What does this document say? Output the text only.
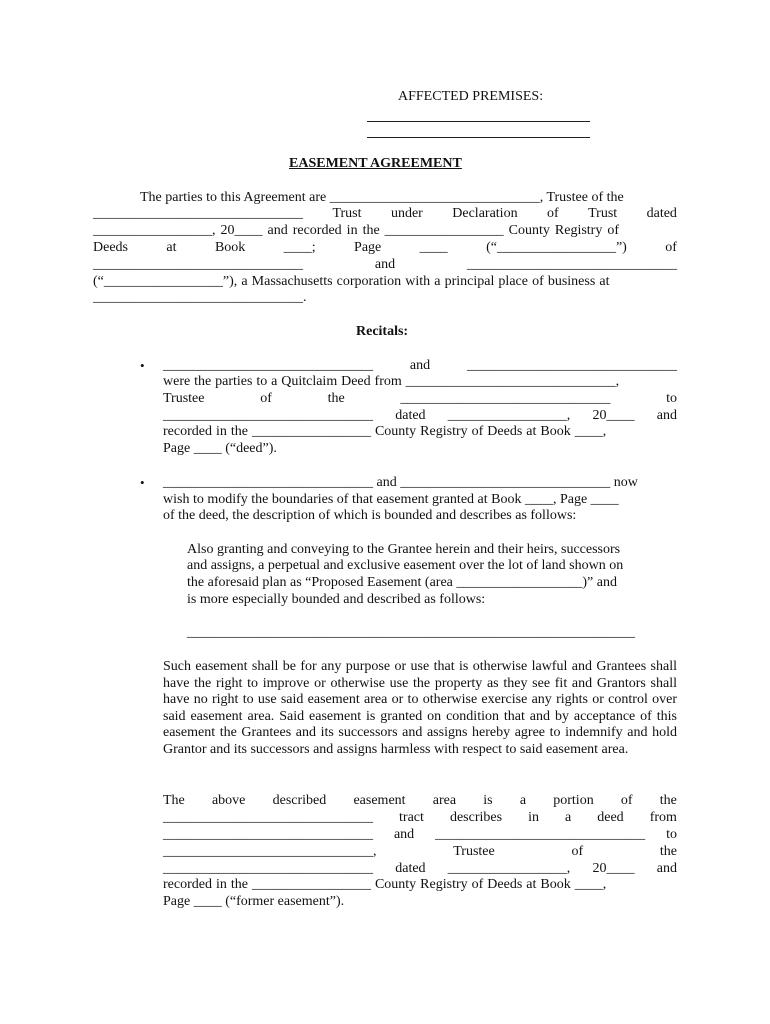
AFFECTED PREMISES:
EASEMENT AGREEMENT
The parties to this Agreement are ______________________________, Trustee of the
______________________________ Trust under Declaration of Trust dated
_________________, 20____ and recorded in the _________________ County Registry of
Deeds	at	Book	____;	Page	____	(“_________________”)	of
______________________________	and	______________________________
(“_________________”), a Massachusetts corporation with a principal place of business at
______________________________.
Recitals:
• ______________________________	and	______________________________
were the parties to a Quitclaim Deed from ______________________________,
Trustee	of	the	______________________________	to
______________________________ dated _________________, 20____ and
recorded in the _________________ County Registry of Deeds at Book ____,
Page ____ (“deed”).
• ______________________________ and ______________________________ now
wish to modify the boundaries of that easement granted at Book ____, Page ____
of the deed, the description of which is bounded and describes as follows:
Also granting and conveying to the Grantee herein and their heirs, successors
and assigns, a perpetual and exclusive easement over the lot of land shown on
the aforesaid plan as “Proposed Easement (area __________________)” and
is more especially bounded and described as follows:
________________________________________________________________
Such easement shall be for any purpose or use that is otherwise lawful and Grantees shall have the right to improve or otherwise use the property as they see fit and Grantors shall have no right to use said easement area or to otherwise exercise any rights or control over said easement area. Said easement is granted on condition that and by acceptance of this easement the Grantees and its successors and assigns hereby agree to indemnify and hold Grantor and its successors and assigns harmless with respect to said easement area.
The above described easement area is a portion of the
______________________________ tract describes in a deed from
______________________________ and ______________________________ to
______________________________,	Trustee	of	the
______________________________ dated _________________, 20____ and
recorded in the _________________ County Registry of Deeds at Book ____,
Page ____ (“former easement”).
